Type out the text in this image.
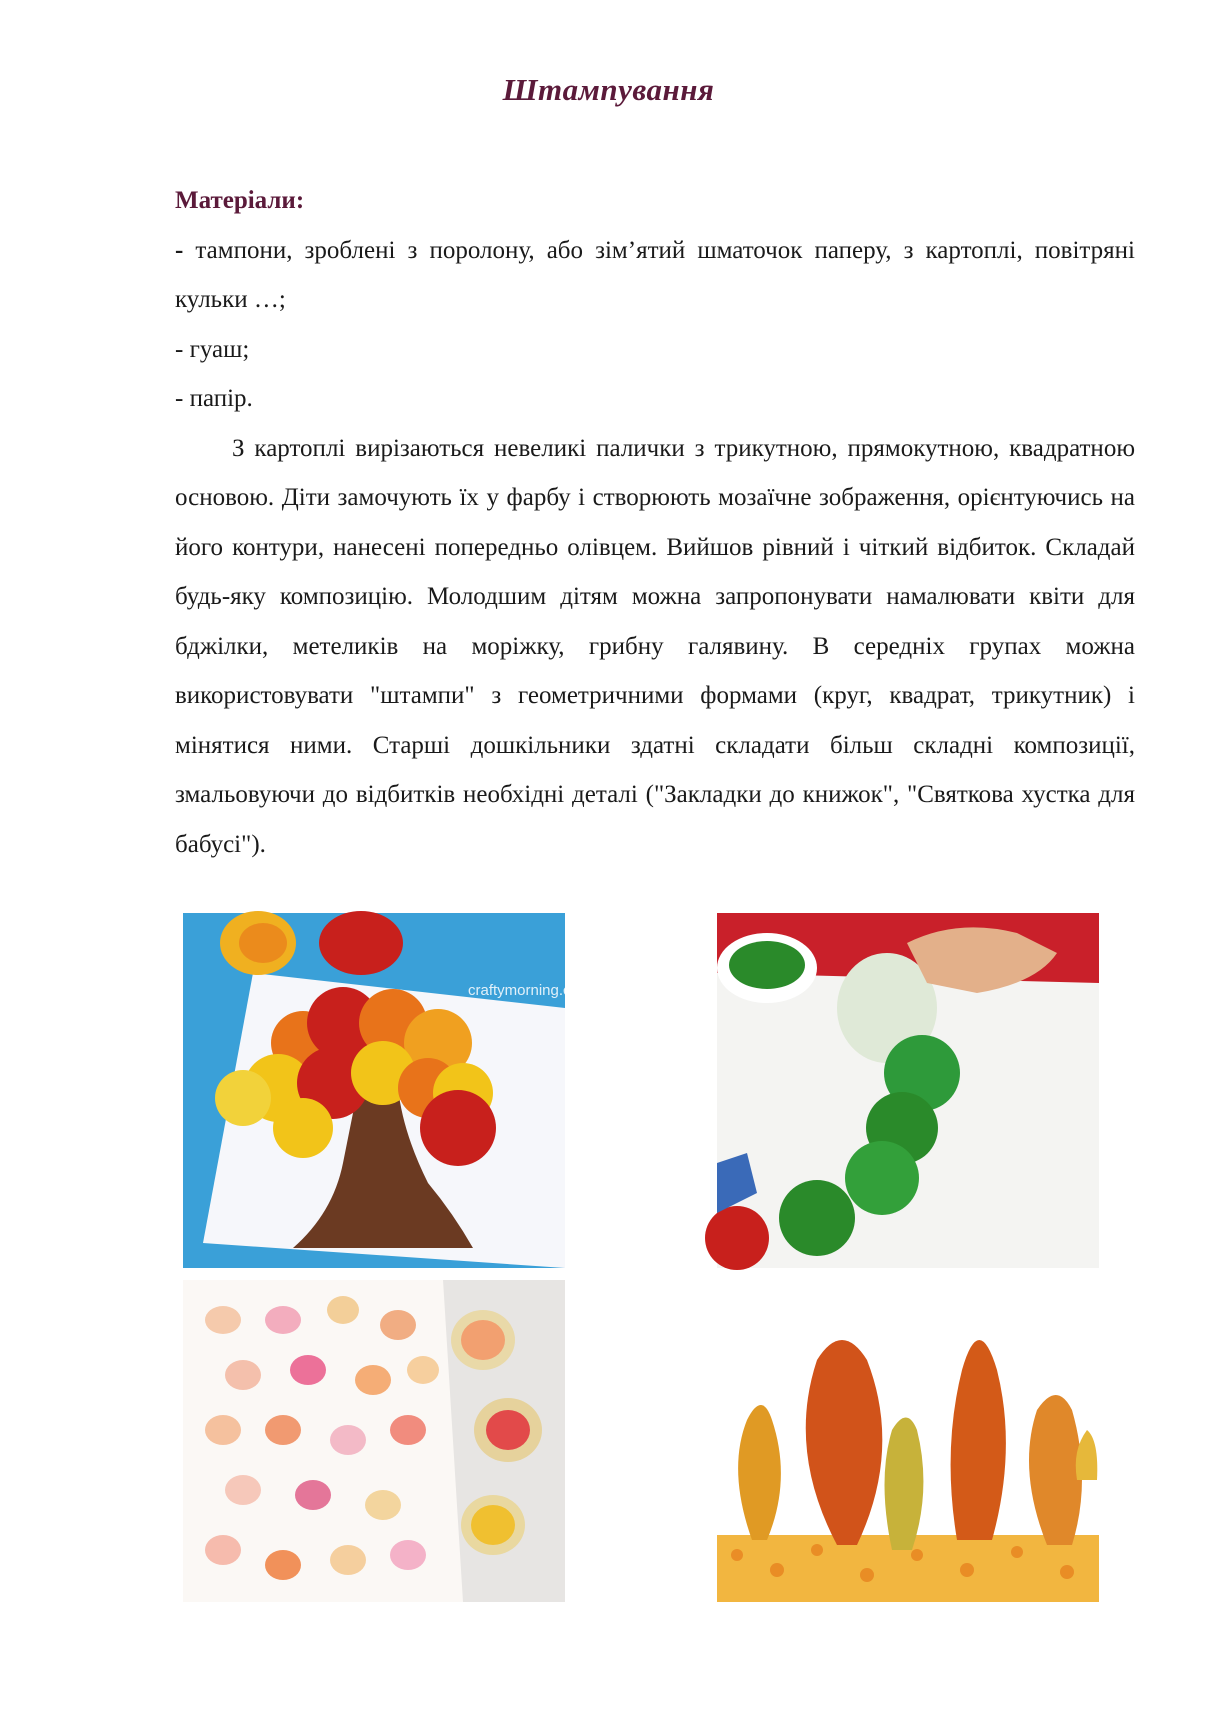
Штампування

Матеріали:

- тампони, зроблені з поролону, або зім’ятий шматочок паперу, з картоплі, повітряні кульки …;

- гуаш;

- папір.

З картоплі вирізаються невеликі палички з трикутною, прямокутною, квадратною основою. Діти замочують їх у фарбу і створюють мозаїчне зображення, орієнтуючись на його контури, нанесені попередньо олівцем. Вийшов рівний і чіткий відбиток. Складай будь-яку композицію. Молодшим дітям можна запропонувати намалювати квіти для бджілки, метеликів на моріжку, грибну галявину. В середніх групах можна використовувати "штампи" з геометричними формами (круг, квадрат, трикутник) і мінятися ними. Старші дошкільники здатні складати більш складні композиції, змальовуючи до відбитків необхідні деталі ("Закладки до книжок", "Святкова хустка для бабусі").

craftymorning.com
